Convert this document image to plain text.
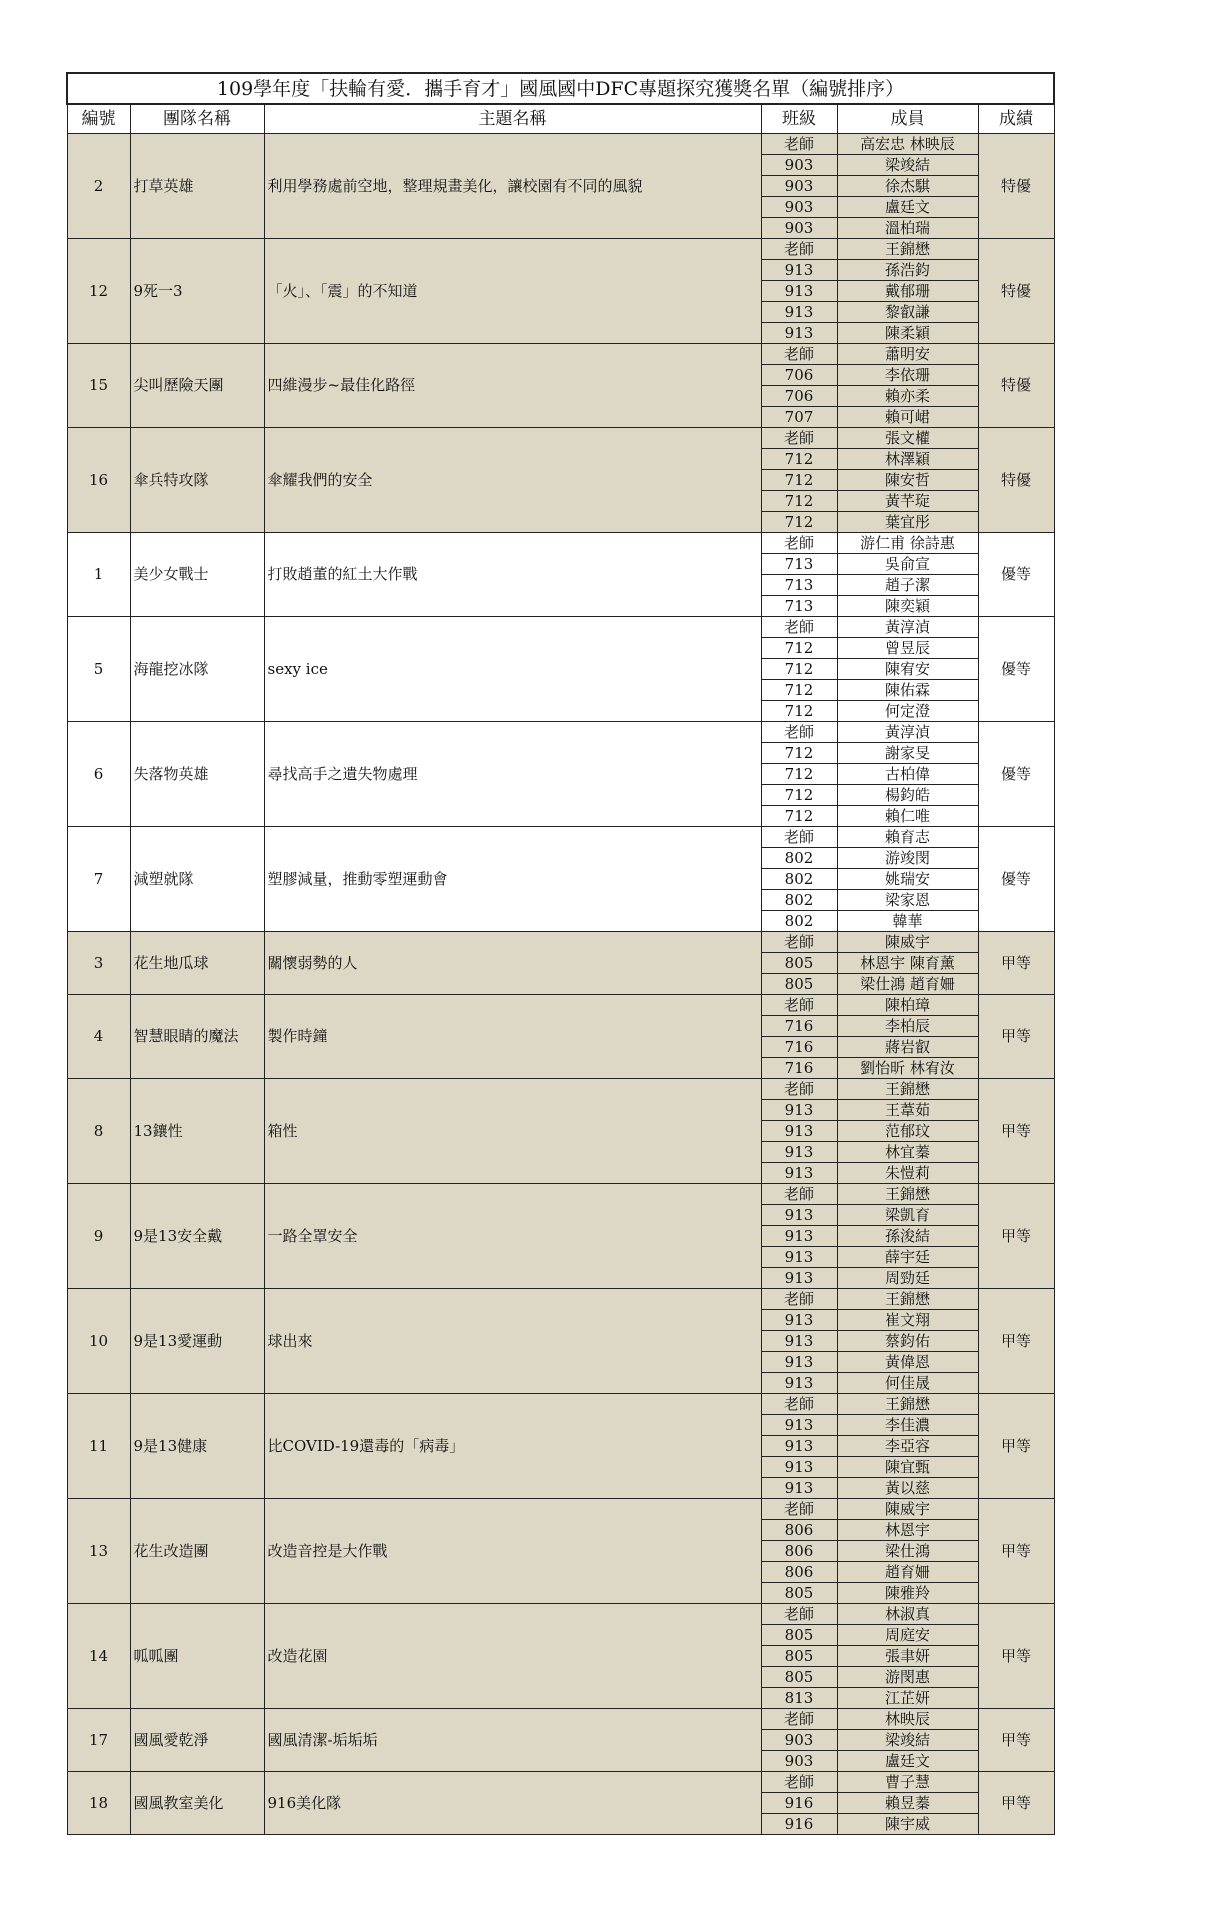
109學年度「扶輪有愛．攜手育才」國風國中DFC專題探究獲獎名單（編號排序）					
編號	團隊名稱	主題名稱	班級	成員	成績
2	打草英雄	利用學務處前空地，整理規畫美化，讓校園有不同的風貌	老師	高宏忠 林映辰	特優
			903	梁竣結	
			903	徐杰騏	
			903	盧廷文	
			903	溫柏瑞	
12	9死一3	「火」、「震」的不知道	老師	王錦懋	特優
			913	孫浩鈞	
			913	戴郁珊	
			913	黎叡謙	
			913	陳柔穎	
15	尖叫歷險天團	四維漫步~最佳化路徑	老師	蕭明安	特優
			706	李依珊	
			706	賴亦柔	
			707	賴可峮	
16	傘兵特攻隊	傘耀我們的安全	老師	張文權	特優
			712	林澤穎	
			712	陳安哲	
			712	黃芊琁	
			712	葉宜彤	
1	美少女戰士	打敗趙董的紅土大作戰	老師	游仁甫 徐詩惠	優等
			713	吳俞宣	
			713	趙子潔	
			713	陳奕穎	
5	海龍挖冰隊	sexy ice	老師	黃淳湞	優等
			712	曾昱辰	
			712	陳宥安	
			712	陳佑霖	
			712	何定澄	
6	失落物英雄	尋找高手之遺失物處理	老師	黃淳湞	優等
			712	謝家旻	
			712	古柏偉	
			712	楊鈞皓	
			712	賴仁唯	
7	減塑就隊	塑膠減量，推動零塑運動會	老師	賴育志	優等
			802	游竣閔	
			802	姚瑞安	
			802	梁家恩	
			802	韓華	
3	花生地瓜球	關懷弱勢的人	老師	陳威宇	甲等
			805	林恩宇 陳育薰	
			805	梁仕鴻 趙育姍	
4	智慧眼睛的魔法	製作時鐘	老師	陳柏璋	甲等
			716	李柏辰	
			716	蔣岩叡	
			716	劉怡昕 林宥汝	
8	13鑲性	箱性	老師	王錦懋	甲等
			913	王葦茹	
			913	范郁玟	
			913	林宜蓁	
			913	朱愷莉	
9	9是13安全戴	一路全罩安全	老師	王錦懋	甲等
			913	梁凱育	
			913	孫浚結	
			913	薛宇廷	
			913	周勁廷	
10	9是13愛運動	球出來	老師	王錦懋	甲等
			913	崔文翔	
			913	蔡鈞佑	
			913	黃偉恩	
			913	何佳晟	
11	9是13健康	比COVID-19還毒的「病毒」	老師	王錦懋	甲等
			913	李佳濃	
			913	李亞容	
			913	陳宜甄	
			913	黃以慈	
13	花生改造團	改造音控是大作戰	老師	陳威宇	甲等
			806	林恩宇	
			806	梁仕鴻	
			806	趙育姍	
			805	陳雅羚	
14	呱呱團	改造花園	老師	林淑真	甲等
			805	周庭安	
			805	張聿妍	
			805	游閔惠	
			813	江芷妍	
17	國風愛乾淨	國風清潔-垢垢垢	老師	林映辰	甲等
			903	梁竣結	
			903	盧廷文	
18	國風教室美化	916美化隊	老師	曹子慧	甲等
			916	賴昱蓁	
			916	陳宇威	
